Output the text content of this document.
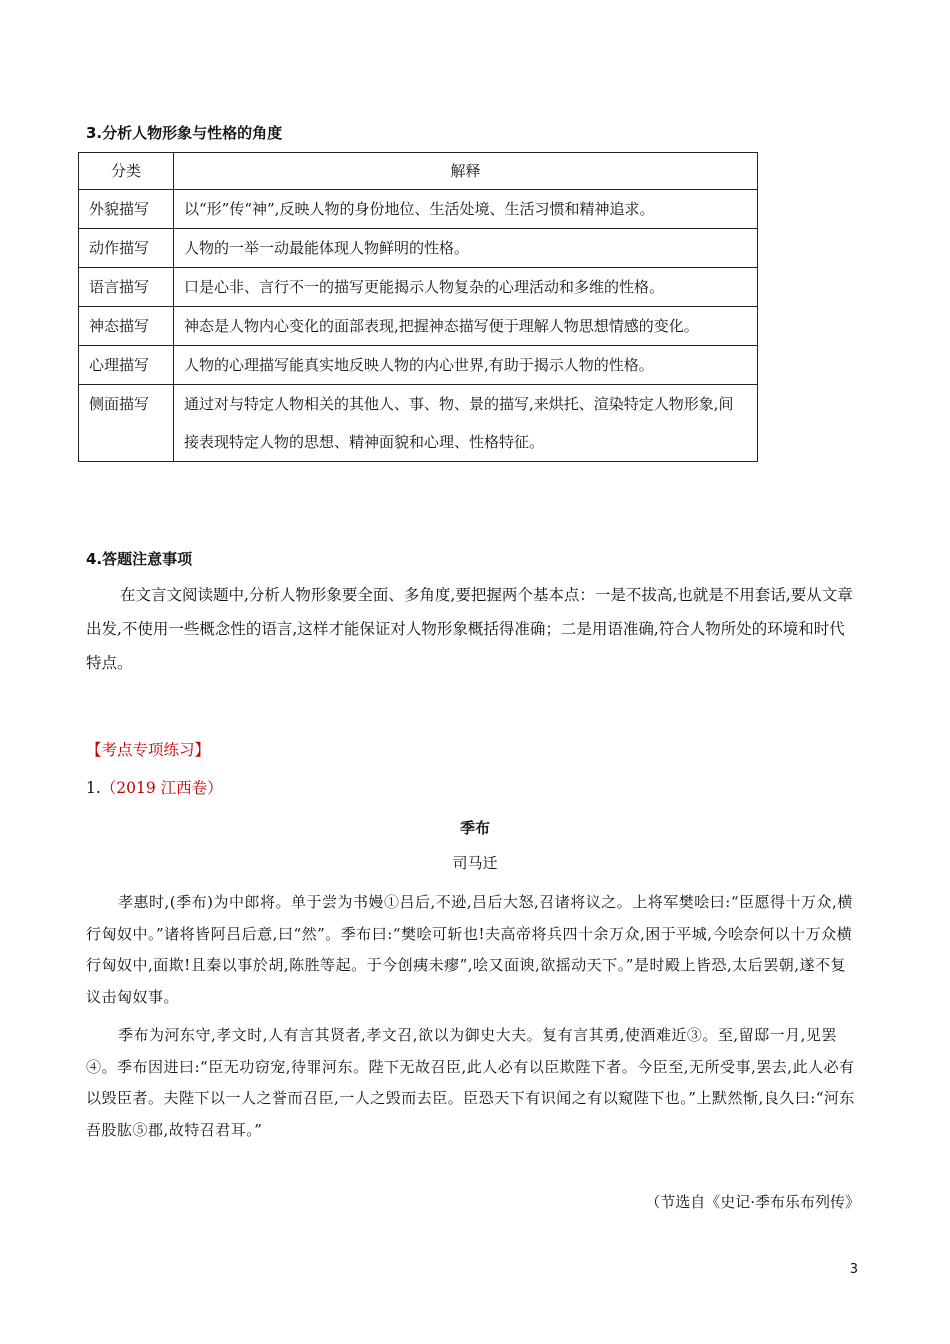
3.分析人物形象与性格的角度
分类	解释
外貌描写	以“形”传“神”,反映人物的身份地位、生活处境、生活习惯和精神追求。
动作描写	人物的一举一动最能体现人物鲜明的性格。
语言描写	口是心非、言行不一的描写更能揭示人物复杂的心理活动和多维的性格。
神态描写	神态是人物内心变化的面部表现,把握神态描写便于理解人物思想情感的变化。
心理描写	人物的心理描写能真实地反映人物的内心世界,有助于揭示人物的性格。
侧面描写	通过对与特定人物相关的其他人、事、物、景的描写,来烘托、渲染特定人物形象,间接表现特定人物的思想、精神面貌和心理、性格特征。
4.答题注意事项

在文言文阅读题中,分析人物形象要全面、多角度,要把握两个基本点：一是不拔高,也就是不用套话,要从文章出发,不使用一些概念性的语言,这样才能保证对人物形象概括得准确；二是用语准确,符合人物所处的环境和时代特点。

【考点专项练习】
1.（2019 江西卷）
季布
司马迁

孝惠时,(季布)为中郎将。单于尝为书嫚①吕后,不逊,吕后大怒,召诸将议之。上将军樊哙曰:“臣愿得十万众,横行匈奴中。”诸将皆阿吕后意,曰“然”。季布曰:“樊哙可斩也!夫高帝将兵四十余万众,困于平城,今哙奈何以十万众横行匈奴中,面欺!且秦以事於胡,陈胜等起。于今创痍未瘳”,哙又面谀,欲摇动天下。”是时殿上皆恐,太后罢朝,遂不复议击匈奴事。

季布为河东守,孝文时,人有言其贤者,孝文召,欲以为御史大夫。复有言其勇,使酒难近③。至,留邸一月,见罢④。季布因进曰:“臣无功窃宠,待罪河东。陛下无故召臣,此人必有以臣欺陛下者。今臣至,无所受事,罢去,此人必有以毁臣者。夫陛下以一人之誉而召臣,一人之毁而去臣。臣恐天下有识闻之有以窥陛下也。”上默然惭,良久曰:“河东吾股肱⑤郡,故特召君耳。”

（节选自《史记·季布乐布列传》
3
